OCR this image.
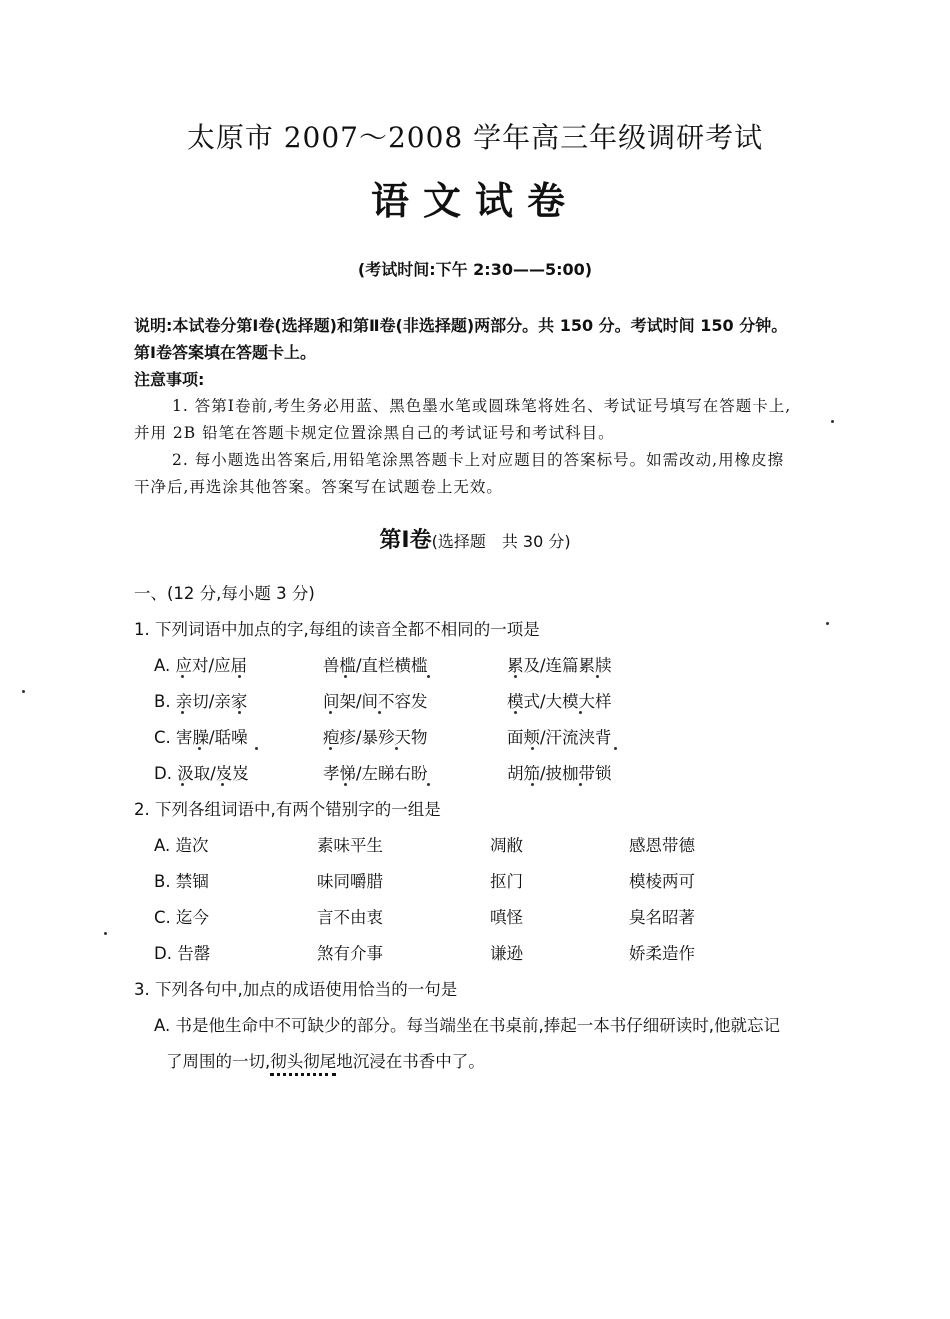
太原市 2007～2008 学年高三年级调研考试
语文试卷
(考试时间:下午 2:30——5:00)
说明:本试卷分第Ⅰ卷(选择题)和第Ⅱ卷(非选择题)两部分。共 150 分。考试时间 150 分钟。
第Ⅰ卷答案填在答题卡上。
注意事项:
1. 答第Ⅰ卷前,考生务必用蓝、黑色墨水笔或圆珠笔将姓名、考试证号填写在答题卡上,
并用 2B 铅笔在答题卡规定位置涂黑自己的考试证号和考试科目。
2. 每小题选出答案后,用铅笔涂黑答题卡上对应题目的答案标号。如需改动,用橡皮擦
干净后,再选涂其他答案。答案写在试题卷上无效。
第Ⅰ卷(选择题　共 30 分)
一、(12 分,每小题 3 分)
1. 下列词语中加点的字,每组的读音全都不相同的一项是
A. 应对/应届	兽槛/直栏横槛	累及/连篇累牍
B. 亲切/亲家	间架/间不容发	模式/大模大样
C. 害臊/聒噪	疱疹/暴殄天物	面颊/汗流浃背
D. 汲取/岌岌	孝悌/左睇右盼	胡笳/披枷带锁
2. 下列各组词语中,有两个错别字的一组是
A. 造次	素味平生	凋敝	感恩带德
B. 禁锢	味同嚼腊	抠门	模棱两可
C. 迄今	言不由衷	嗔怪	臭名昭著
D. 告罄	煞有介事	谦逊	娇柔造作
3. 下列各句中,加点的成语使用恰当的一句是
A. 书是他生命中不可缺少的部分。每当端坐在书桌前,捧起一本书仔细研读时,他就忘记
了周围的一切,彻头彻尾地沉浸在书香中了。
